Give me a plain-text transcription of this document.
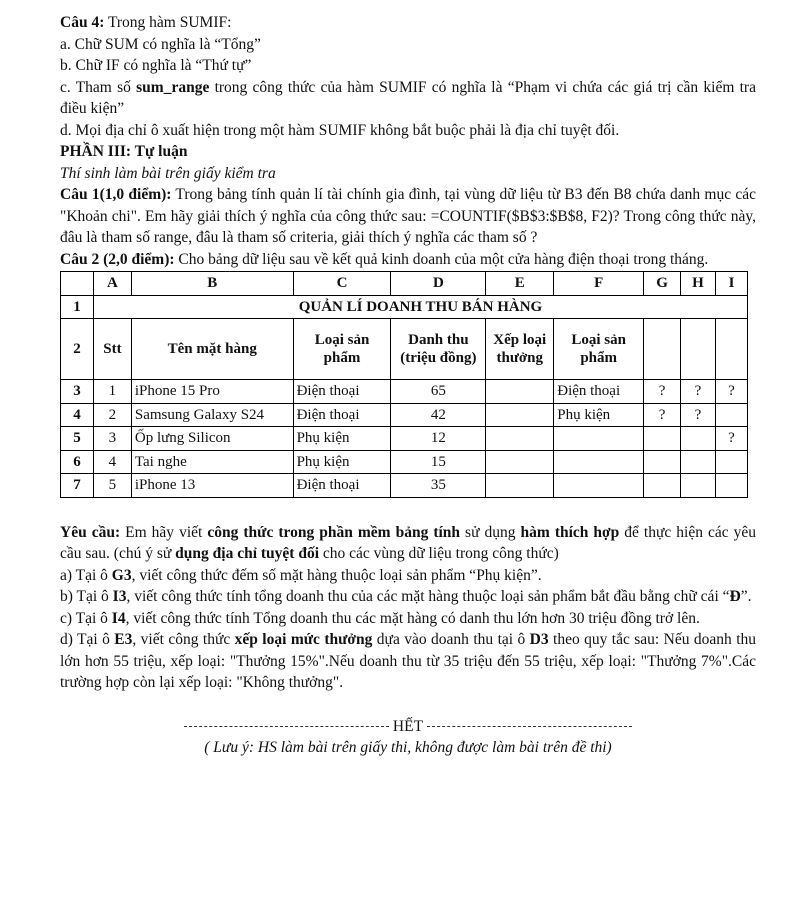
Câu 4: Trong hàm SUMIF:

a. Chữ SUM có nghĩa là “Tổng”

b. Chữ IF có nghĩa là “Thứ tự”

c. Tham số sum_range trong công thức của hàm SUMIF có nghĩa là “Phạm vi chứa các giá trị cần kiểm tra điều kiện”

d. Mọi địa chỉ ô xuất hiện trong một hàm SUMIF không bắt buộc phải là địa chỉ tuyệt đối.

PHẦN III: Tự luận

Thí sinh làm bài trên giấy kiểm tra

Câu 1(1,0 điểm): Trong bảng tính quản lí tài chính gia đình, tại vùng dữ liệu từ B3 đến B8 chứa danh mục các "Khoản chi". Em hãy giải thích ý nghĩa của công thức sau: =COUNTIF($B$3:$B$8, F2)? Trong công thức này, đâu là tham số range, đâu là tham số criteria, giải thích ý nghĩa các tham số ?

Câu 2 (2,0 điểm): Cho bảng dữ liệu sau về kết quả kinh doanh của một cửa hàng điện thoại trong tháng.

	A	B	C	D	E	F	G	H	I
1	QUẢN LÍ DOANH THU BÁN HÀNG								
2	Stt	Tên mặt hàng	Loại sản phẩm	Danh thu (triệu đồng)	Xếp loại thưởng	Loại sản phẩm			
3	1	iPhone 15 Pro	Điện thoại	65		Điện thoại	?	?	?
4	2	Samsung Galaxy S24	Điện thoại	42		Phụ kiện	?	?	
5	3	Ốp lưng Silicon	Phụ kiện	12					?
6	4	Tai nghe	Phụ kiện	15					
7	5	iPhone 13	Điện thoại	35					

Yêu cầu: Em hãy viết công thức trong phần mềm bảng tính sử dụng hàm thích hợp để thực hiện các yêu cầu sau. (chú ý sử dụng địa chỉ tuyệt đối cho các vùng dữ liệu trong công thức)

a) Tại ô G3, viết công thức đếm số mặt hàng thuộc loại sản phẩm “Phụ kiện”.

b) Tại ô I3, viết công thức tính tổng doanh thu của các mặt hàng thuộc loại sản phẩm bắt đầu bằng chữ cái “Đ”.

c) Tại ô I4, viết công thức tính Tổng doanh thu các mặt hàng có danh thu lớn hơn 30 triệu đồng trở lên.

d) Tại ô E3, viết công thức xếp loại mức thưởng dựa vào doanh thu tại ô D3 theo quy tắc sau: Nếu doanh thu lớn hơn 55 triệu, xếp loại: "Thưởng 15%".Nếu doanh thu từ 35 triệu đến 55 triệu, xếp loại: "Thưởng 7%".Các trường hợp còn lại xếp loại: "Không thưởng".

HẾT
( Lưu ý: HS làm bài trên giấy thi, không được làm bài trên đề thi)
